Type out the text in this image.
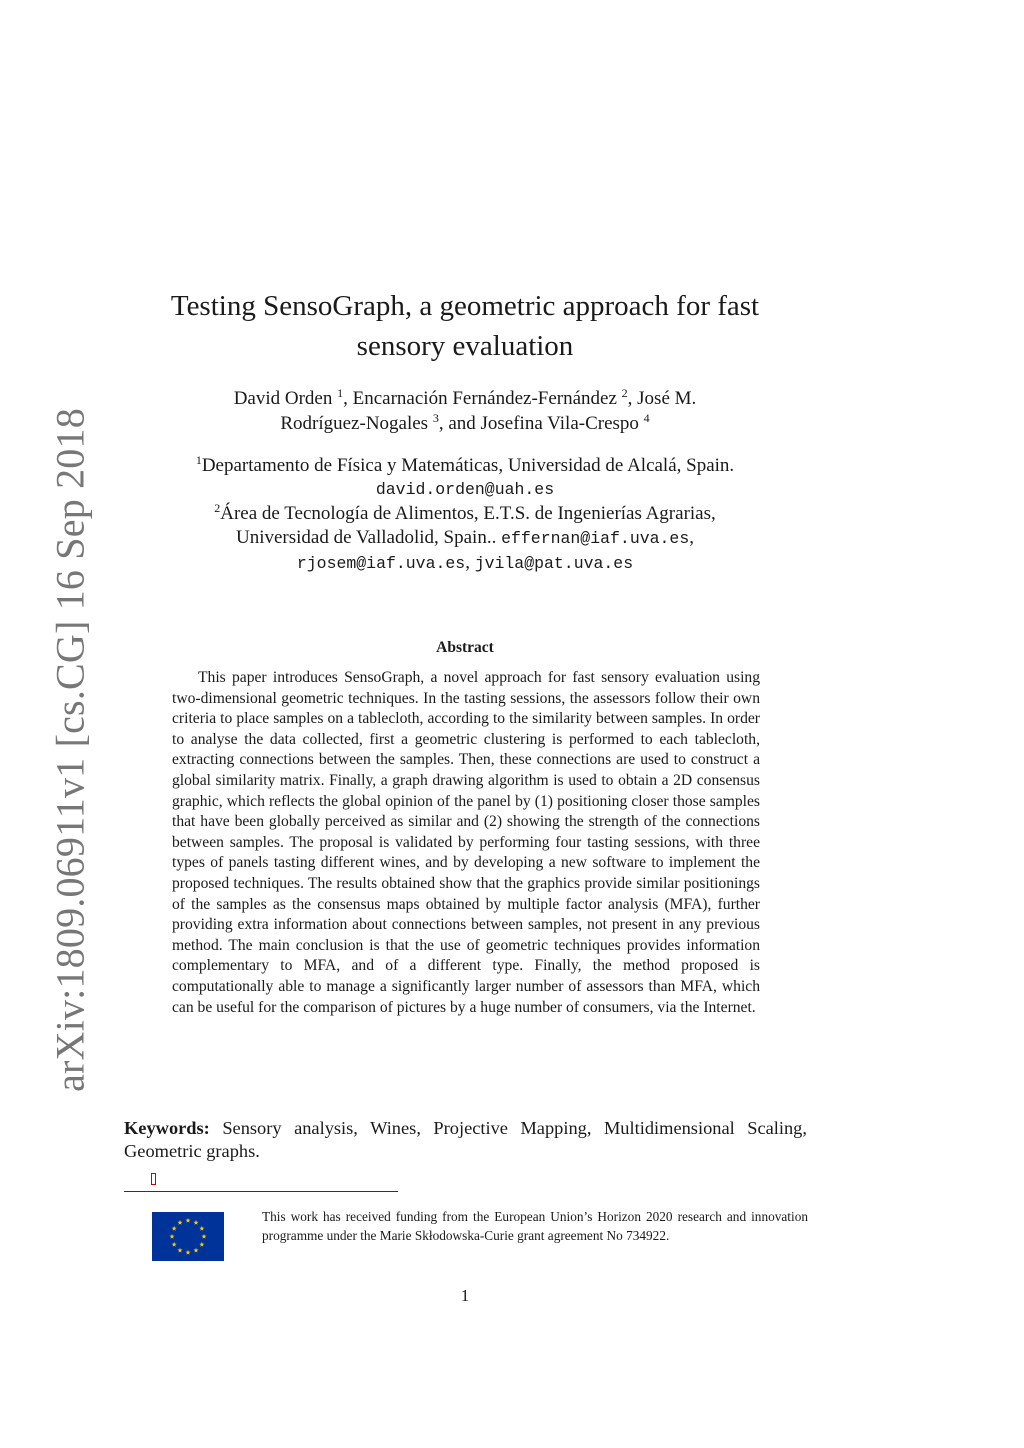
arXiv:1809.06911v1 [cs.CG] 16 Sep 2018
Testing SensoGraph, a geometric approach for fast
sensory evaluation
David Orden $^1$, Encarnación Fernández-Fernández $^2$, José M.
Rodríguez-Nogales $^3$, and Josefina Vila-Crespo $^4$
$^1$Departamento de Física y Matemáticas, Universidad de Alcalá, Spain.
david.orden@uah.es
$^2$Área de Tecnología de Alimentos, E.T.S. de Ingenierías Agrarias,
Universidad de Valladolid, Spain.. effernan@iaf.uva.es,
rjosem@iaf.uva.es, jvila@pat.uva.es
Abstract

This paper introduces SensoGraph, a novel approach for fast sensory evaluation using two-dimensional geometric techniques. In the tasting sessions, the assessors follow their own criteria to place samples on a tablecloth, according to the similarity between samples. In order to analyse the data collected, first a geometric clustering is performed to each tablecloth, extracting connections between the samples. Then, these connections are used to construct a global similarity matrix. Finally, a graph drawing algorithm is used to obtain a 2D consensus graphic, which reflects the global opinion of the panel by (1) positioning closer those samples that have been globally perceived as similar and (2) showing the strength of the connections between samples. The proposal is validated by performing four tasting sessions, with three types of panels tasting different wines, and by developing a new software to implement the proposed techniques. The results obtained show that the graphics provide similar positionings of the samples as the consensus maps obtained by multiple factor analysis (MFA), further providing extra information about connections between samples, not present in any previous method. The main conclusion is that the use of geometric techniques provides information complementary to MFA, and of a different type. Finally, the method proposed is computationally able to manage a significantly larger number of assessors than MFA, which can be useful for the comparison of pictures by a huge number of consumers, via the Internet.

Keywords: Sensory analysis, Wines, Projective Mapping, Multidimensional Scaling, Geometric graphs.

This work has received funding from the European Union’s Horizon 2020 research and innovation programme under the Marie Skłodowska-Curie grant agreement No 734922.

1
